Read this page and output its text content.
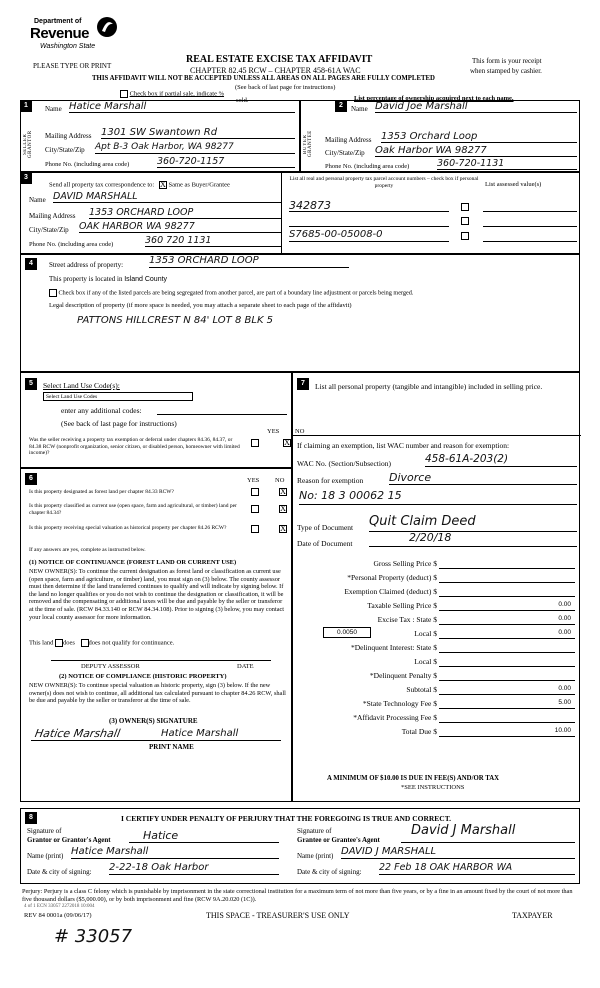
Department of
Revenue
Washington State
PLEASE TYPE OR PRINT
REAL ESTATE EXCISE TAX AFFIDAVIT
CHAPTER 82.45 RCW – CHAPTER 458-61A WAC
THIS AFFIDAVIT WILL NOT BE ACCEPTED UNLESS ALL AREAS ON ALL PAGES ARE FULLY COMPLETED
This form is your receipt
when stamped by cashier.
(See back of last page for instructions)
Check box if partial sale, indicate %
sold.	List percentage of ownership acquired next to each name.
1
SELLER GRANTOR
Name Hatice Marshall
Mailing Address 1301 SW Swantown Rd
City/State/Zip Apt B-3 Oak Harbor, WA 98277
Phone No. (including area code)	360-720-1157
2
BUYER GRANTEE
Name David Joe Marshall
Mailing Address 1353 Orchard Loop
City/State/Zip Oak Harbor WA 98277
Phone No. (including area code)	360-720-1131
3
Send all property tax correspondence to: X Same as Buyer/Grantee
Name DAVID MARSHALL
Mailing Address 1353 ORCHARD LOOP
City/State/Zip OAK HARBOR WA 98277
Phone No. (including area code)	360 720 1131
List all real and personal property tax parcel account numbers – check box if personal property	List assessed value(s)
342873
S7685-00-05008-0
4	Street address of property:	1353 ORCHARD LOOP
This property is located in Island County
Check box if any of the listed parcels are being segregated from another parcel, are part of a boundary line adjustment or parcels being merged.
Legal description of property (if more space is needed, you may attach a separate sheet to each page of the affidavit)
PATTONS HILLCREST N 84' LOT 8 BLK 5
5	Select Land Use Code(s):
Select Land Use Codes
enter any additional codes:
(See back of last page for instructions)
YES NO
Was the seller receiving a property tax exemption or deferral under chapters 84.36, 84.37, or 84.38 RCW (nonprofit organization, senior citizen, or disabled person, homeowner with limited income)?
X
6	YES NO
Is this property designated as forest land per chapter 84.33 RCW?	X
Is this property classified as current use (open space, farm and agricultural, or timber) land per chapter 84.34?	X
Is this property receiving special valuation as historical property per chapter 84.26 RCW?	X
If any answers are yes, complete as instructed below.
(1) NOTICE OF CONTINUANCE (FOREST LAND OR CURRENT USE)
NEW OWNER(S): To continue the current designation as forest land or classification as current use (open space, farm and agriculture, or timber) land, you must sign on (3) below. The county assessor must then determine if the land transferred continues to qualify and will indicate by signing below. If the land no longer qualifies or you do not wish to continue the designation or classification, it will be removed and the compensating or additional taxes will be due and payable by the seller or transferor at the time of sale. (RCW 84.33.140 or RCW 84.34.108). Prior to signing (3) below, you may contact your local county assessor for more information.
This land does does not qualify for continuance.
DEPUTY ASSESSOR	DATE
(2) NOTICE OF COMPLIANCE (HISTORIC PROPERTY)
NEW OWNER(S): To continue special valuation as historic property, sign (3) below. If the new owner(s) does not wish to continue, all additional tax calculated pursuant to chapter 84.26 RCW, shall be due and payable by the seller or transferor at the time of sale.
(3) OWNER(S) SIGNATURE
Hatice Marshall	Hatice Marshall
PRINT NAME
7	List all personal property (tangible and intangible) included in selling price.
If claiming an exemption, list WAC number and reason for exemption:
WAC No. (Section/Subsection)	458-61A-203(2)
Reason for exemption Divorce
No: 18 3 00062 15
Type of Document Quit Claim Deed
Date of Document	2/20/18
Gross Selling Price $
*Personal Property (deduct) $
Exemption Claimed (deduct) $
Taxable Selling Price $	0.00
Excise Tax : State $	0.00
0.0050	Local $	0.00
*Delinquent Interest: State $
Local $
*Delinquent Penalty $
Subtotal $	0.00
*State Technology Fee $	5.00
*Affidavit Processing Fee $
Total Due $	10.00
A MINIMUM OF $10.00 IS DUE IN FEE(S) AND/OR TAX
*SEE INSTRUCTIONS
8	I CERTIFY UNDER PENALTY OF PERJURY THAT THE FOREGOING IS TRUE AND CORRECT.
Signature of
Grantor or Grantor's Agent	Hatice
Name (print) Hatice Marshall
Date & city of signing: 2-22-18 Oak Harbor
Signature of
Grantee or Grantee's Agent
David J Marshall
Name (print) DAVID J MARSHALL
Date & city of signing: 22 Feb 18 OAK HARBOR WA
Perjury: Perjury is a class C felony which is punishable by imprisonment in the state correctional institution for a maximum term of not more than five years, or by a fine in an amount fixed by the court of not more than five thousand dollars ($5,000.00), or by both imprisonment and fine (RCW 9A.20.020 (1C)).
4 of 1 ECN 33057 2272018 10:004
REV 84 0001a (09/06/17)	THIS SPACE - TREASURER'S USE ONLY	TAXPAYER
# 33057
